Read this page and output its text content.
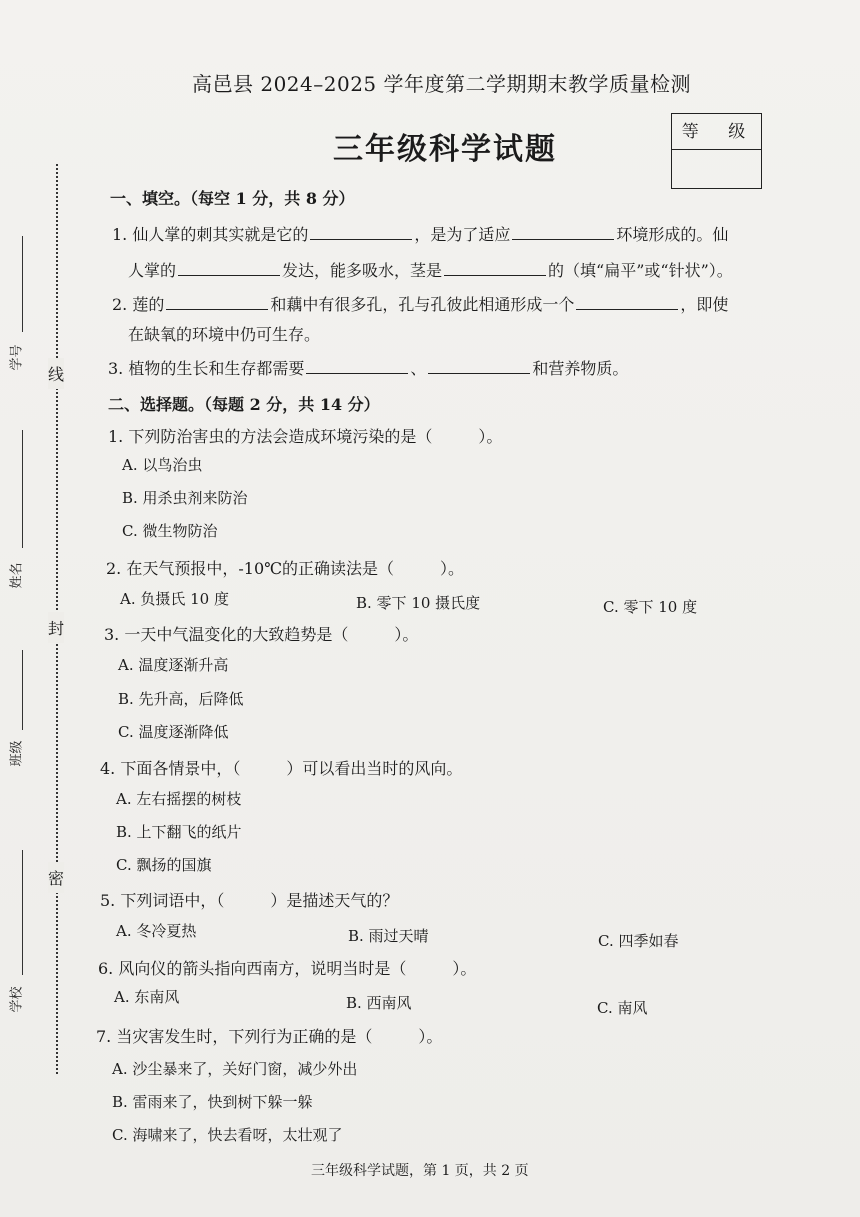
高邑县 2024–2025 学年度第二学期期末教学质量检测
三年级科学试题	等 级
线
封
密
学号
姓名
班级
学校
一、填空。（每空 1 分，共 8 分）
1. 仙人掌的刺其实就是它的	，是为了适应	环境形成的。仙
人掌的	发达，能多吸水，茎是	的（填“扁平”或“针状”）。
2. 莲的	和藕中有很多孔，孔与孔彼此相通形成一个	，即使
在缺氧的环境中仍可生存。
3. 植物的生长和生存都需要	、	和营养物质。
二、选择题。（每题 2 分，共 14 分）
1. 下列防治害虫的方法会造成环境污染的是（	）。
A. 以鸟治虫
B. 用杀虫剂来防治
C. 微生物防治
2. 在天气预报中，-10℃的正确读法是（	）。
A. 负摄氏 10 度	B. 零下 10 摄氏度	C. 零下 10 度
3. 一天中气温变化的大致趋势是（	）。
A. 温度逐渐升高
B. 先升高，后降低
C. 温度逐渐降低
4. 下面各情景中，（	）可以看出当时的风向。
A. 左右摇摆的树枝
B. 上下翻飞的纸片
C. 飘扬的国旗
5. 下列词语中，（	）是描述天气的？
A. 冬冷夏热	B. 雨过天晴	C. 四季如春
6. 风向仪的箭头指向西南方，说明当时是（	）。
A. 东南风	B. 西南风	C. 南风
7. 当灾害发生时，下列行为正确的是（	）。
A. 沙尘暴来了，关好门窗，减少外出
B. 雷雨来了，快到树下躲一躲
C. 海啸来了，快去看呀，太壮观了
三年级科学试题，第 1 页，共 2 页
